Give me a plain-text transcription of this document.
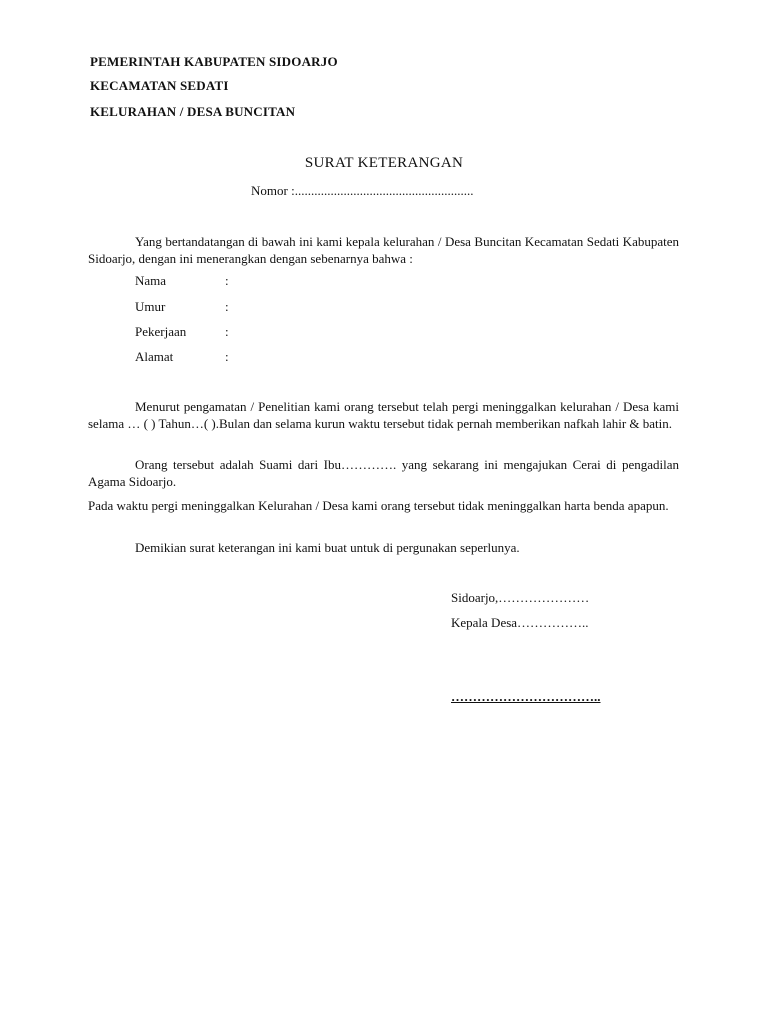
PEMERINTAH KABUPATEN SIDOARJO
KECAMATAN SEDATI
KELURAHAN / DESA BUNCITAN
SURAT KETERANGAN
Nomor :.......................................................
Yang bertandatangan di bawah ini kami kepala kelurahan / Desa Buncitan Kecamatan Sedati Kabupaten Sidoarjo, dengan ini menerangkan dengan sebenarnya bahwa :
Nama	:
Umur	:
Pekerjaan	:
Alamat	:
Menurut pengamatan / Penelitian kami orang tersebut telah pergi meninggalkan kelurahan / Desa kami selama … ( ) Tahun…( ).Bulan dan selama kurun waktu tersebut tidak pernah memberikan nafkah lahir & batin.
Orang tersebut adalah Suami dari Ibu…………. yang sekarang ini mengajukan Cerai di pengadilan Agama Sidoarjo.
Pada waktu pergi meninggalkan Kelurahan / Desa kami orang tersebut tidak meninggalkan harta benda apapun.
Demikian surat keterangan ini kami buat untuk di pergunakan seperlunya.
Sidoarjo,…………………
Kepala Desa……………..
……………………………..
